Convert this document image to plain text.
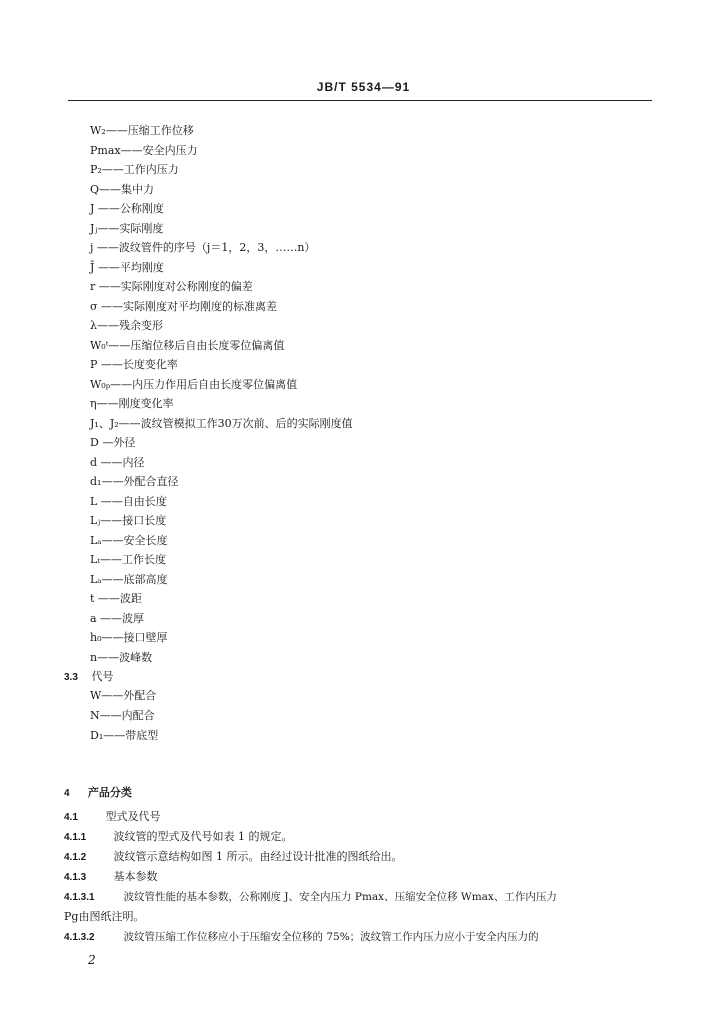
JB/T 5534—91
W₂——压缩工作位移
Pmax——安全内压力
P₂——工作内压力
Q——集中力
J ——公称刚度
Jⱼ——实际刚度
j ——波纹管件的序号（j＝1，2，3，……n）
J̄ ——平均刚度
r ——实际刚度对公称刚度的偏差
σ ——实际刚度对平均刚度的标准离差
λ——残余变形
W₀ᵗ——压缩位移后自由长度零位偏离值
P ——长度变化率
W₀ₚ——内压力作用后自由长度零位偏离值
η——刚度变化率
J₁、J₂——波纹管模拟工作30万次前、后的实际刚度值
D —外径
d ——内径
d₁——外配合直径
L ——自由长度
Lⱼ——接口长度
Lₐ——安全长度
Lₜ——工作长度
Lₐ——底部高度
t ——波距
a ——波厚
h₀——接口壁厚
n——波峰数
3.3 代号
W——外配合
N——内配合
D₁——带底型
4 产品分类
4.1	型式及代号
4.1.1 波纹管的型式及代号如表 1 的规定。
4.1.2 波纹管示意结构如图 1 所示。由经过设计批准的图纸给出。
4.1.3 基本参数
4.1.3.1	波纹管性能的基本参数，公称刚度 J、安全内压力 Pmax、压缩安全位移 Wmax、工作内压力
Pg由图纸注明。
4.1.3.2	波纹管压缩工作位移应小于压缩安全位移的 75%；波纹管工作内压力应小于安全内压力的
2
